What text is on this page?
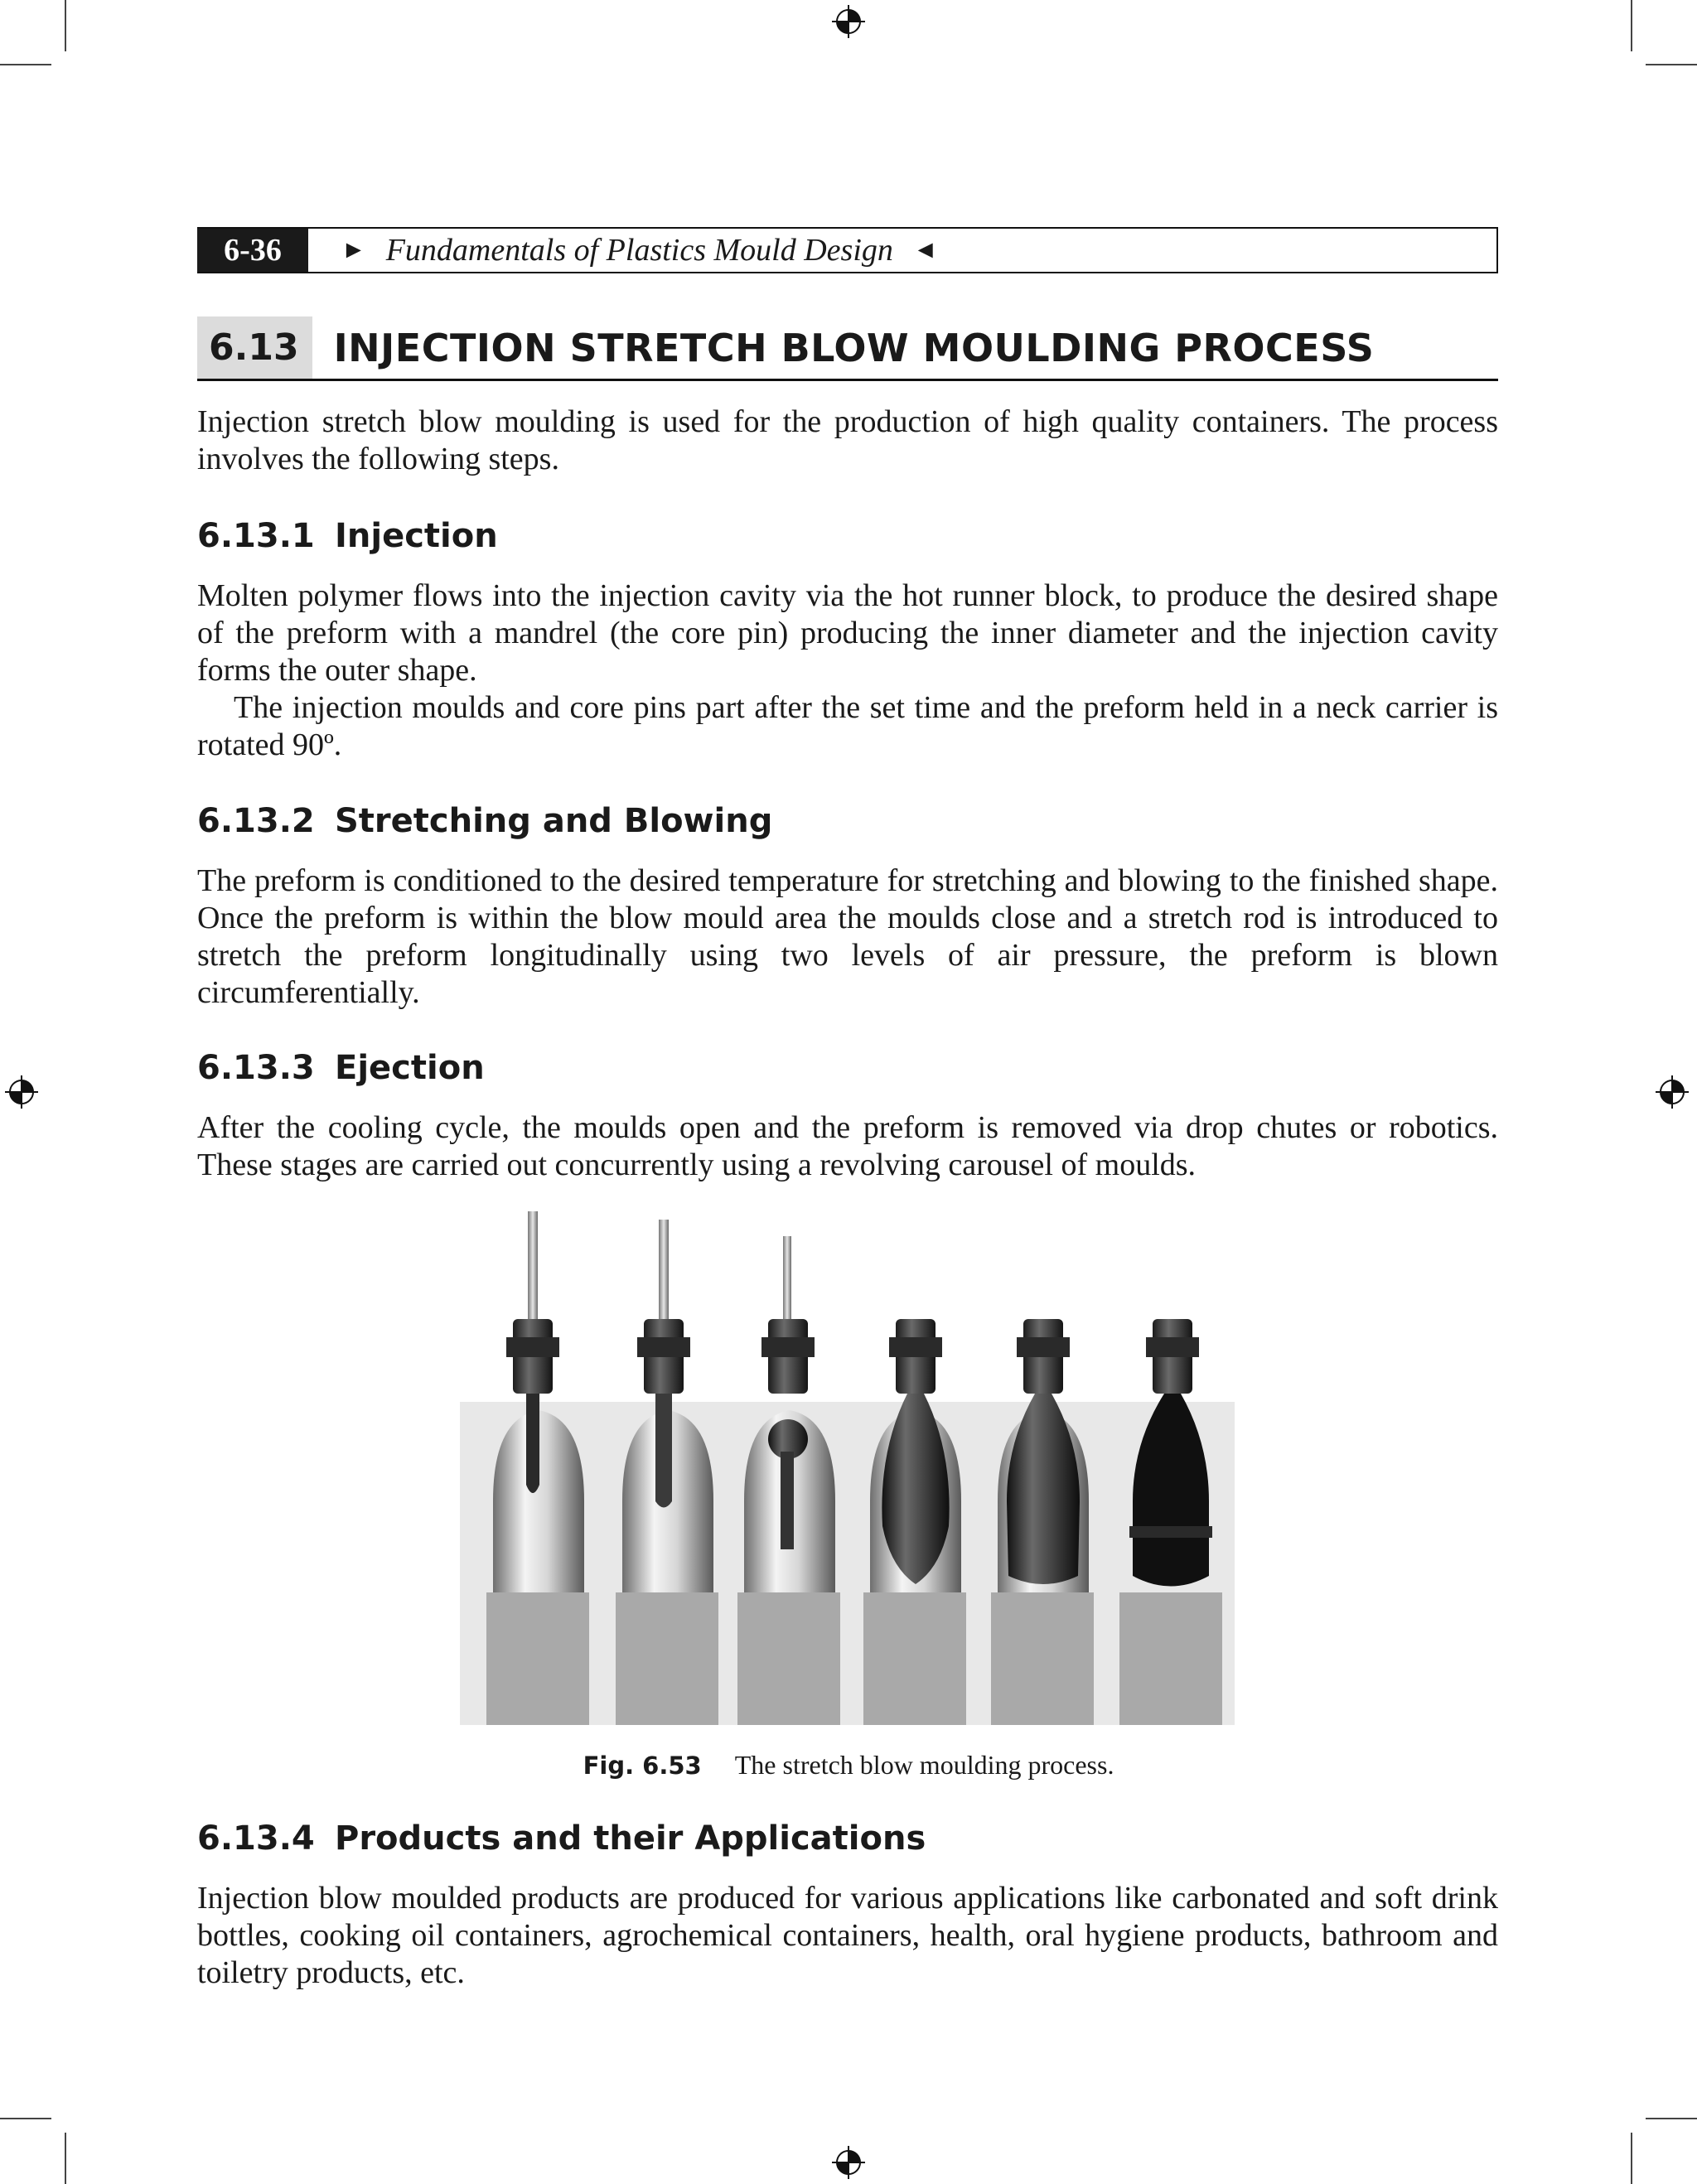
6-36	► Fundamentals of Plastics Mould Design ◄
6.13 INJECTION STRETCH BLOW MOULDING PROCESS

Injection stretch blow moulding is used for the production of high quality containers. The process involves the following steps.

6.13.1 Injection

Molten polymer flows into the injection cavity via the hot runner block, to produce the desired shape of the preform with a mandrel (the core pin) producing the inner diameter and the injection cavity forms the outer shape.

The injection moulds and core pins part after the set time and the preform held in a neck carrier is rotated 90º.

6.13.2 Stretching and Blowing

The preform is conditioned to the desired temperature for stretching and blowing to the finished shape. Once the preform is within the blow mould area the moulds close and a stretch rod is introduced to stretch the preform longitudinally using two levels of air pressure, the preform is blown circumferentially.

6.13.3 Ejection

After the cooling cycle, the moulds open and the preform is removed via drop chutes or robotics. These stages are carried out concurrently using a revolving carousel of moulds.

Fig. 6.53 The stretch blow moulding process.
6.13.4 Products and their Applications

Injection blow moulded products are produced for various applications like carbonated and soft drink bottles, cooking oil containers, agrochemical containers, health, oral hygiene products, bathroom and toiletry products, etc.
